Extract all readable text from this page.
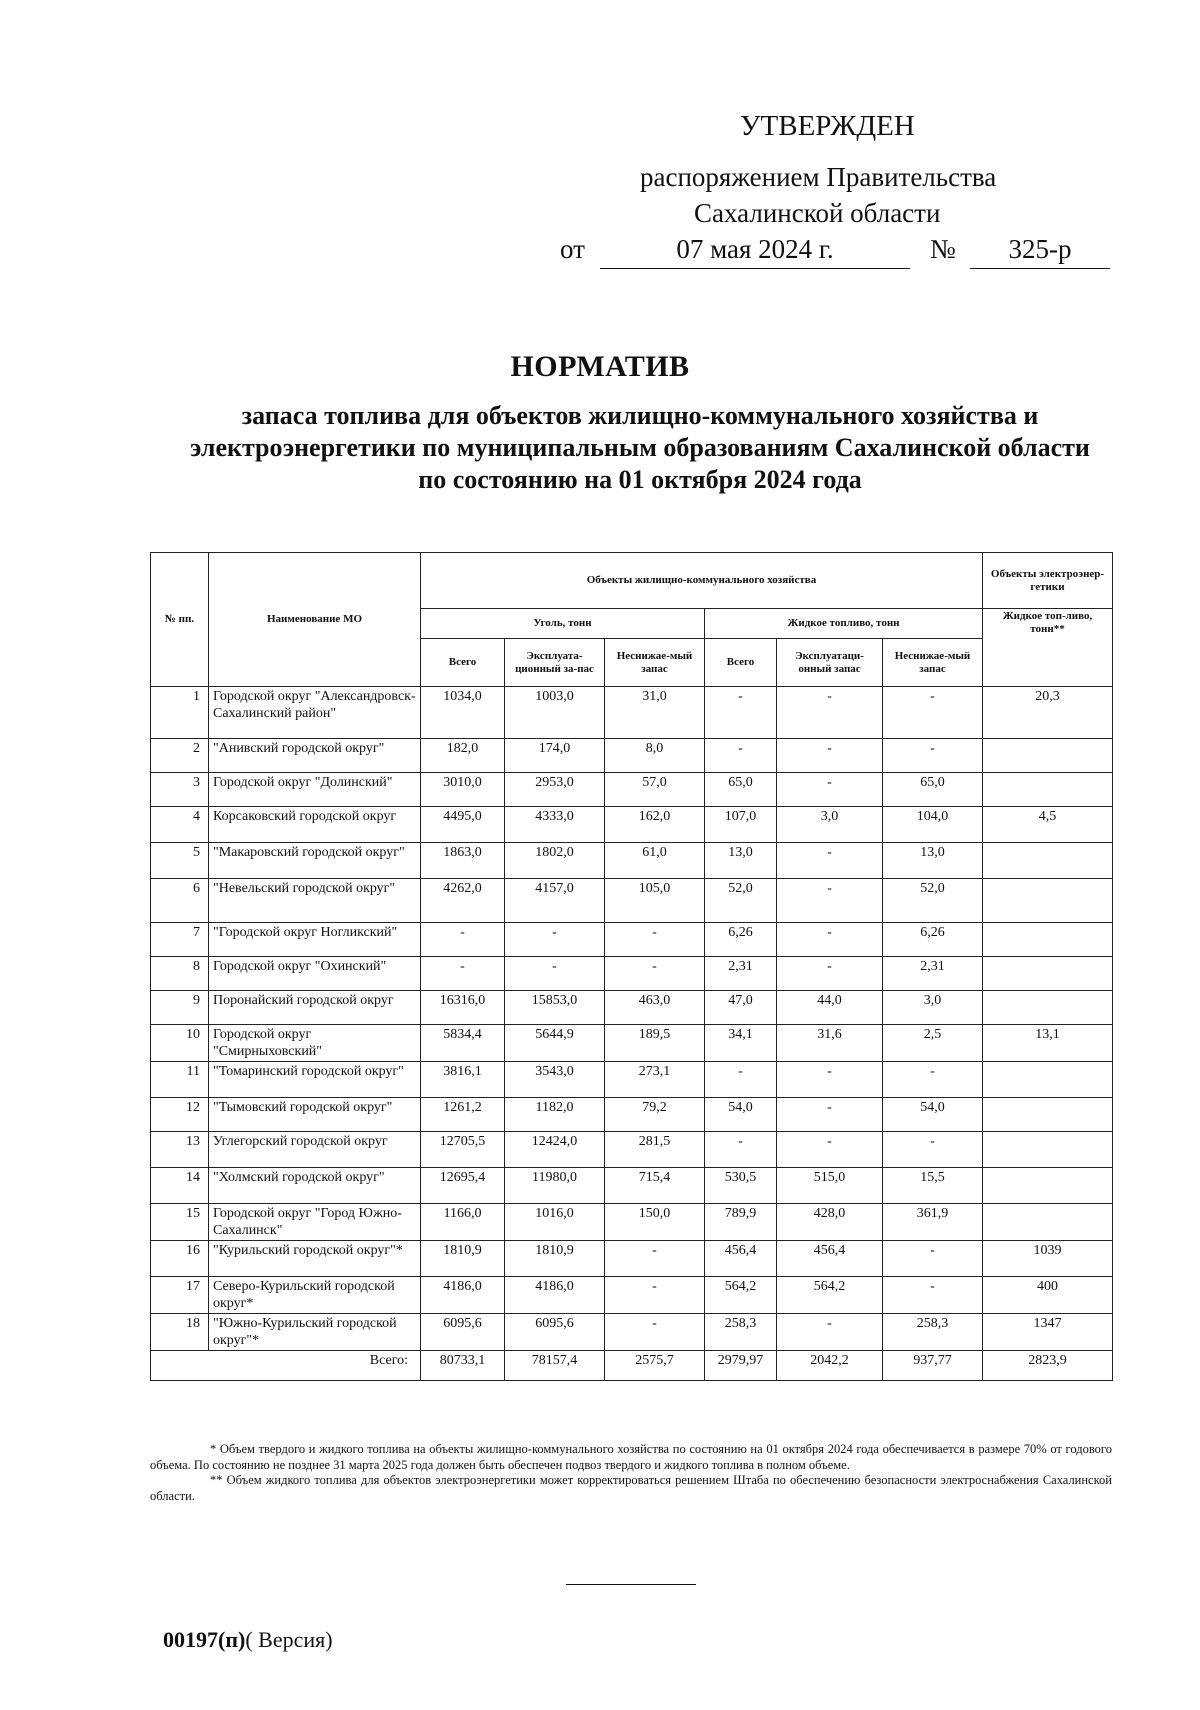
УТВЕРЖДЕН
распоряжением Правительства
Сахалинской области
от	07 мая 2024 г.	№	325-р
НОРМАТИВ
запаса топлива для объектов жилищно-коммунального хозяйства и электроэнергетики по муниципальным образованиям Сахалинской области по состоянию на 01 октября 2024 года
№ пп.	Наименование МО	Объекты жилищно-коммунального хозяйства						Объекты электроэнер-гетики
		Уголь, тонн			Жидкое топливо, тонн			Жидкое топ-ливо, тонн**
		Всего	Эксплуата-ционный за-пас	Неснижае-мый запас	Всего	Эксплуатаци-онный запас	Неснижае-мый запас	
1	Городской округ "Александровск-Сахалинский район"	1034,0	1003,0	31,0	-	-	-	20,3
2	"Анивский городской округ"	182,0	174,0	8,0	-	-	-	
3	Городской округ "Долинский"	3010,0	2953,0	57,0	65,0	-	65,0	
4	Корсаковский городской округ	4495,0	4333,0	162,0	107,0	3,0	104,0	4,5
5	"Макаровский городской округ"	1863,0	1802,0	61,0	13,0	-	13,0	
6	"Невельский городской округ"	4262,0	4157,0	105,0	52,0	-	52,0	
7	"Городской округ Ногликский"	-	-	-	6,26	-	6,26	
8	Городской округ "Охинский"	-	-	-	2,31	-	2,31	
9	Поронайский городской округ	16316,0	15853,0	463,0	47,0	44,0	3,0	
10	Городской округ "Смирныховский"	5834,4	5644,9	189,5	34,1	31,6	2,5	13,1
11	"Томаринский городской округ"	3816,1	3543,0	273,1	-	-	-	
12	"Тымовский городской округ"	1261,2	1182,0	79,2	54,0	-	54,0	
13	Углегорский городской округ	12705,5	12424,0	281,5	-	-	-	
14	"Холмский городской округ"	12695,4	11980,0	715,4	530,5	515,0	15,5	
15	Городской округ "Город Южно-Сахалинск"	1166,0	1016,0	150,0	789,9	428,0	361,9	
16	"Курильский городской округ"*	1810,9	1810,9	-	456,4	456,4	-	1039
17	Северо-Курильский городской округ*	4186,0	4186,0	-	564,2	564,2	-	400
18	"Южно-Курильский городской округ"*	6095,6	6095,6	-	258,3	-	258,3	1347
Всего:		80733,1	78157,4	2575,7	2979,97	2042,2	937,77	2823,9

* Объем твердого и жидкого топлива на объекты жилищно-коммунального хозяйства по состоянию на 01 октября 2024 года обеспечивается в размере 70% от годового объема. По состоянию не позднее 31 марта 2025 года должен быть обеспечен подвоз твердого и жидкого топлива в полном объеме.

** Объем жидкого топлива для объектов электроэнергетики может корректироваться решением Штаба по обеспечению безопасности электроснабжения Сахалинской области.

00197(п)( Версия)
